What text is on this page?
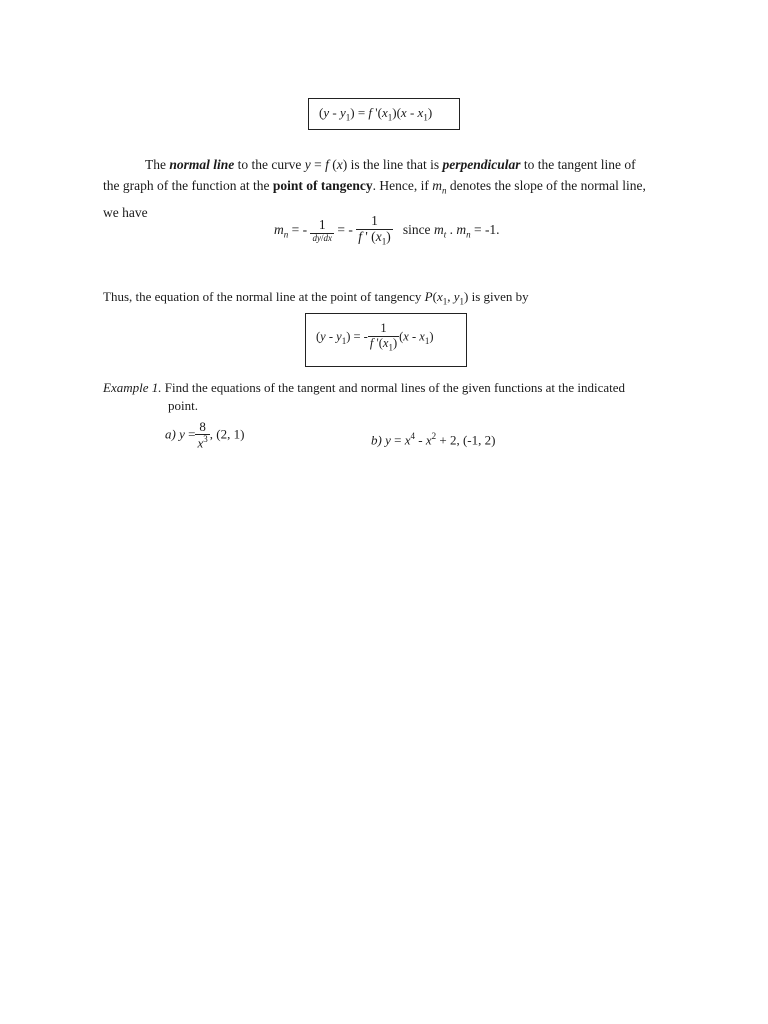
$(y - y_1) = f$ '$(x_1)(x - x_1)$
The normal line to the curve y = f (x) is the line that is perpendicular to the tangent line of
the graph of the function at the point of tangency. Hence, if $m_n$ denotes the slope of the normal line,
we have
$m_n$ = - $\frac{1}{dy/dx}$ = - $\frac{1}{f ' (x_1)}$ since $m_t$ . $m_n = -1$.
Thus, the equation of the normal line at the point of tangency $P(x_1$, $y_1$) is given by
$(y - y_1)$ = - $\frac{1}{f '(x_1)} (x - x_1)$
Example 1. Find the equations of the tangent and normal lines of the given functions at the indicated
point.
a) $y = \frac{8}{x^3}$ , (2, 1)	b) $y = x^4 - x^2 + 2$, (-1, 2)
